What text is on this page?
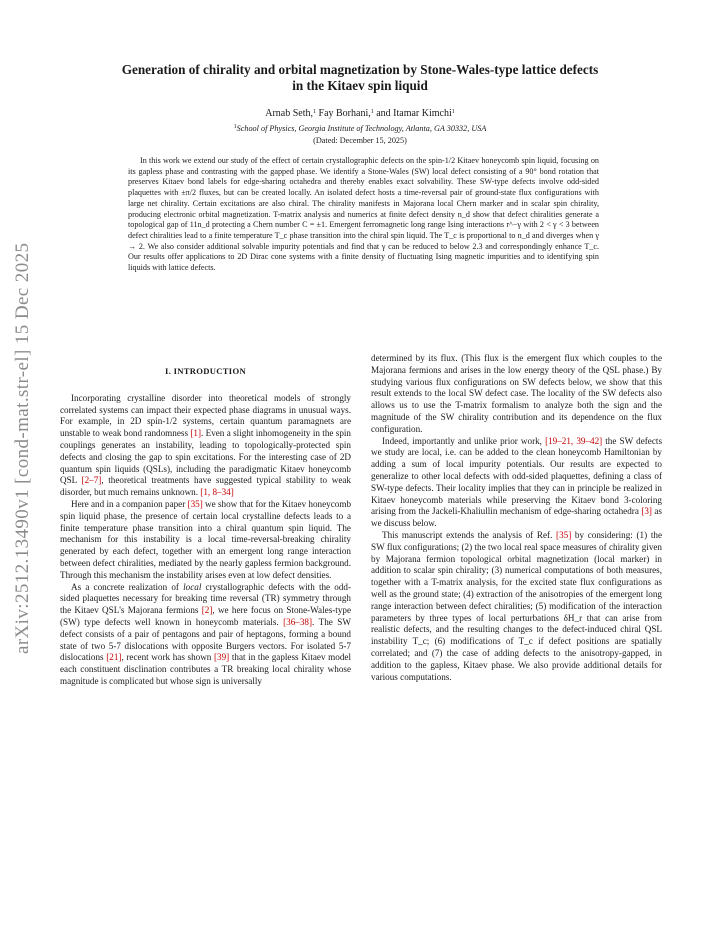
arXiv:2512.13490v1 [cond-mat.str-el] 15 Dec 2025
Generation of chirality and orbital magnetization by Stone-Wales-type lattice defects
in the Kitaev spin liquid
Arnab Seth,$^1$ Fay Borhani,$^1$ and Itamar Kimchi$^1$
$^1$School of Physics, Georgia Institute of Technology, Atlanta, GA 30332, USA
(Dated: December 15, 2025)
In this work we extend our study of the effect of certain crystallographic defects on the spin-1/2 Kitaev honeycomb spin liquid, focusing on its gapless phase and contrasting with the gapped phase. We identify a Stone-Wales (SW) local defect consisting of a 90° bond rotation that preserves Kitaev bond labels for edge-sharing octahedra and thereby enables exact solvability. These SW-type defects involve odd-sided plaquettes with ±π/2 fluxes, but can be created locally. An isolated defect hosts a time-reversal pair of ground-state flux configurations with large net chirality. Certain excitations are also chiral. The chirality manifests in Majorana local Chern marker and in scalar spin chirality, producing electronic orbital magnetization. T-matrix analysis and numerics at finite defect density n_d show that defect chiralities generate a topological gap of 11n_d protecting a Chern number C = ±1. Emergent ferromagnetic long range Ising interactions r^−γ with 2 < γ < 3 between defect chiralities lead to a finite temperature T_c phase transition into the chiral spin liquid. The T_c is proportional to n_d and diverges when γ → 2. We also consider additional solvable impurity potentials and find that γ can be reduced to below 2.3 and correspondingly enhance T_c. Our results offer applications to 2D Dirac cone systems with a finite density of fluctuating Ising magnetic impurities and to identifying spin liquids with lattice defects.
I. INTRODUCTION

Incorporating crystalline disorder into theoretical models of strongly correlated systems can impact their expected phase diagrams in unusual ways. For example, in 2D spin-1/2 systems, certain quantum paramagnets are unstable to weak bond randomness [1]. Even a slight inhomogeneity in the spin couplings generates an instability, leading to topologically-protected spin defects and closing the gap to spin excitations. For the interesting case of 2D quantum spin liquids (QSLs), including the paradigmatic Kitaev honeycomb QSL [2–7], theoretical treatments have suggested typical stability to weak disorder, but much remains unknown. [1, 8–34]

Here and in a companion paper [35] we show that for the Kitaev honeycomb spin liquid phase, the presence of certain local crystalline defects leads to a finite temperature phase transition into a chiral quantum spin liquid. The mechanism for this instability is a local time-reversal-breaking chirality generated by each defect, together with an emergent long range interaction between defect chiralities, mediated by the nearly gapless fermion background. Through this mechanism the instability arises even at low defect densities.

As a concrete realization of local crystallographic defects with the odd-sided plaquettes necessary for breaking time reversal (TR) symmetry through the Kitaev QSL's Majorana fermions [2], we here focus on Stone-Wales-type (SW) type defects well known in honeycomb materials. [36–38]. The SW defect consists of a pair of pentagons and pair of heptagons, forming a bound state of two 5-7 dislocations with opposite Burgers vectors. For isolated 5-7 dislocations [21], recent work has shown [39] that in the gapless Kitaev model each constituent disclination contributes a TR breaking local chirality whose magnitude is complicated but whose sign is universally

determined by its flux. (This flux is the emergent flux which couples to the Majorana fermions and arises in the low energy theory of the QSL phase.) By studying various flux configurations on SW defects below, we show that this result extends to the local SW defect case. The locality of the SW defects also allows us to use the T-matrix formalism to analyze both the sign and the magnitude of the SW chirality contribution and its dependence on the flux configuration.

Indeed, importantly and unlike prior work, [19–21, 39–42] the SW defects we study are local, i.e. can be added to the clean honeycomb Hamiltonian by adding a sum of local impurity potentials. Our results are expected to generalize to other local defects with odd-sided plaquettes, defining a class of SW-type defects. Their locality implies that they can in principle be realized in Kitaev honeycomb materials while preserving the Kitaev bond 3-coloring arising from the Jackeli-Khaliullin mechanism of edge-sharing octahedra [3] as we discuss below.

This manuscript extends the analysis of Ref. [35] by considering: (1) the SW flux configurations; (2) the two local real space measures of chirality given by Majorana fermion topological orbital magnetization (local marker) in addition to scalar spin chirality; (3) numerical computations of both measures, together with a T-matrix analysis, for the excited state flux configurations as well as the ground state; (4) extraction of the anisotropies of the emergent long range interaction between defect chiralities; (5) modification of the interaction parameters by three types of local perturbations δH_r that can arise from realistic defects, and the resulting changes to the defect-induced chiral QSL instability T_c; (6) modifications of T_c if defect positions are spatially correlated; and (7) the case of adding defects to the anisotropy-gapped, in addition to the gapless, Kitaev phase. We also provide additional details for various computations.
